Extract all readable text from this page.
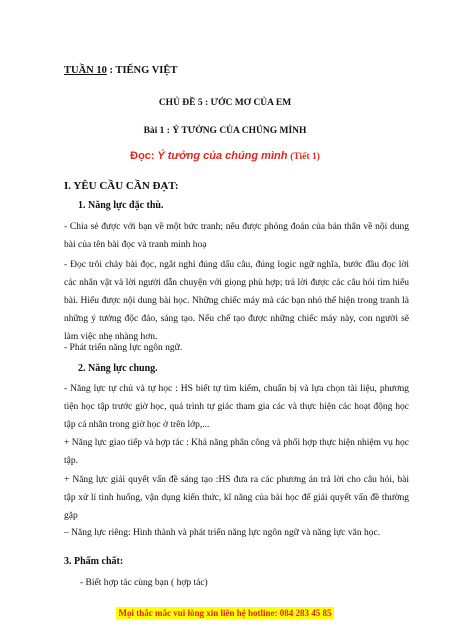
TUẦN 10 : TIẾNG VIỆT
CHỦ ĐỀ 5 : ƯỚC MƠ CỦA EM
Bài 1 : Ý TƯỞNG CỦA CHÚNG MÌNH
Đọc: Ý tưởng của chúng mình (Tiết 1)
I. YÊU CẦU CẦN ĐẠT:
1. Năng lực đặc thù.
- Chia sẻ được với bạn về một bức tranh; nêu được phỏng đoán của bản thân về nội dung bài của tên bài đọc và tranh minh hoạ
- Đọc trôi chảy bài đọc, ngắt nghỉ đúng dấu câu, đúng logic ngữ nghĩa, bước đầu đọc lời các nhân vật và lời người dẫn chuyện với giọng phù hợp; trả lời được các câu hỏi tìm hiểu bài. Hiểu được nội dung bài học. Những chiếc máy mà các bạn nhỏ thể hiện trong tranh là những ý tưởng độc đáo, sáng tạo. Nếu chế tạo được những chiếc máy này, con người sẽ làm việc nhẹ nhàng hơn.
- Phát triển năng lực ngôn ngữ.
2. Năng lực chung.
- Năng lực tự chủ và tự học : HS biết tự tìm kiếm, chuẩn bị và lựa chọn tài liệu, phương tiện học tập trước giờ học, quá trình tự giác tham gia các và thực hiện các hoạt động học tập cá nhân trong giờ học ở trên lớp,...
+ Năng lực giao tiếp và hợp tác : Khả năng phân công và phối hợp thực hiện nhiệm vụ học tập.
+ Năng lực giải quyết vấn đề sáng tạo :HS đưa ra các phương án trả lời cho câu hỏi, bài tập xử lí tình huống, vận dụng kiến thức, kĩ năng của bài học để giải quyết vấn đề thường gặp
– Năng lực riêng: Hình thành và phát triển năng lực ngôn ngữ và năng lực văn học.
3. Phẩm chất:
- Biết hợp tác cùng bạn ( hợp tác)
Mọi thắc mắc vui lòng xin liên hệ hotline: 084 283 45 85
